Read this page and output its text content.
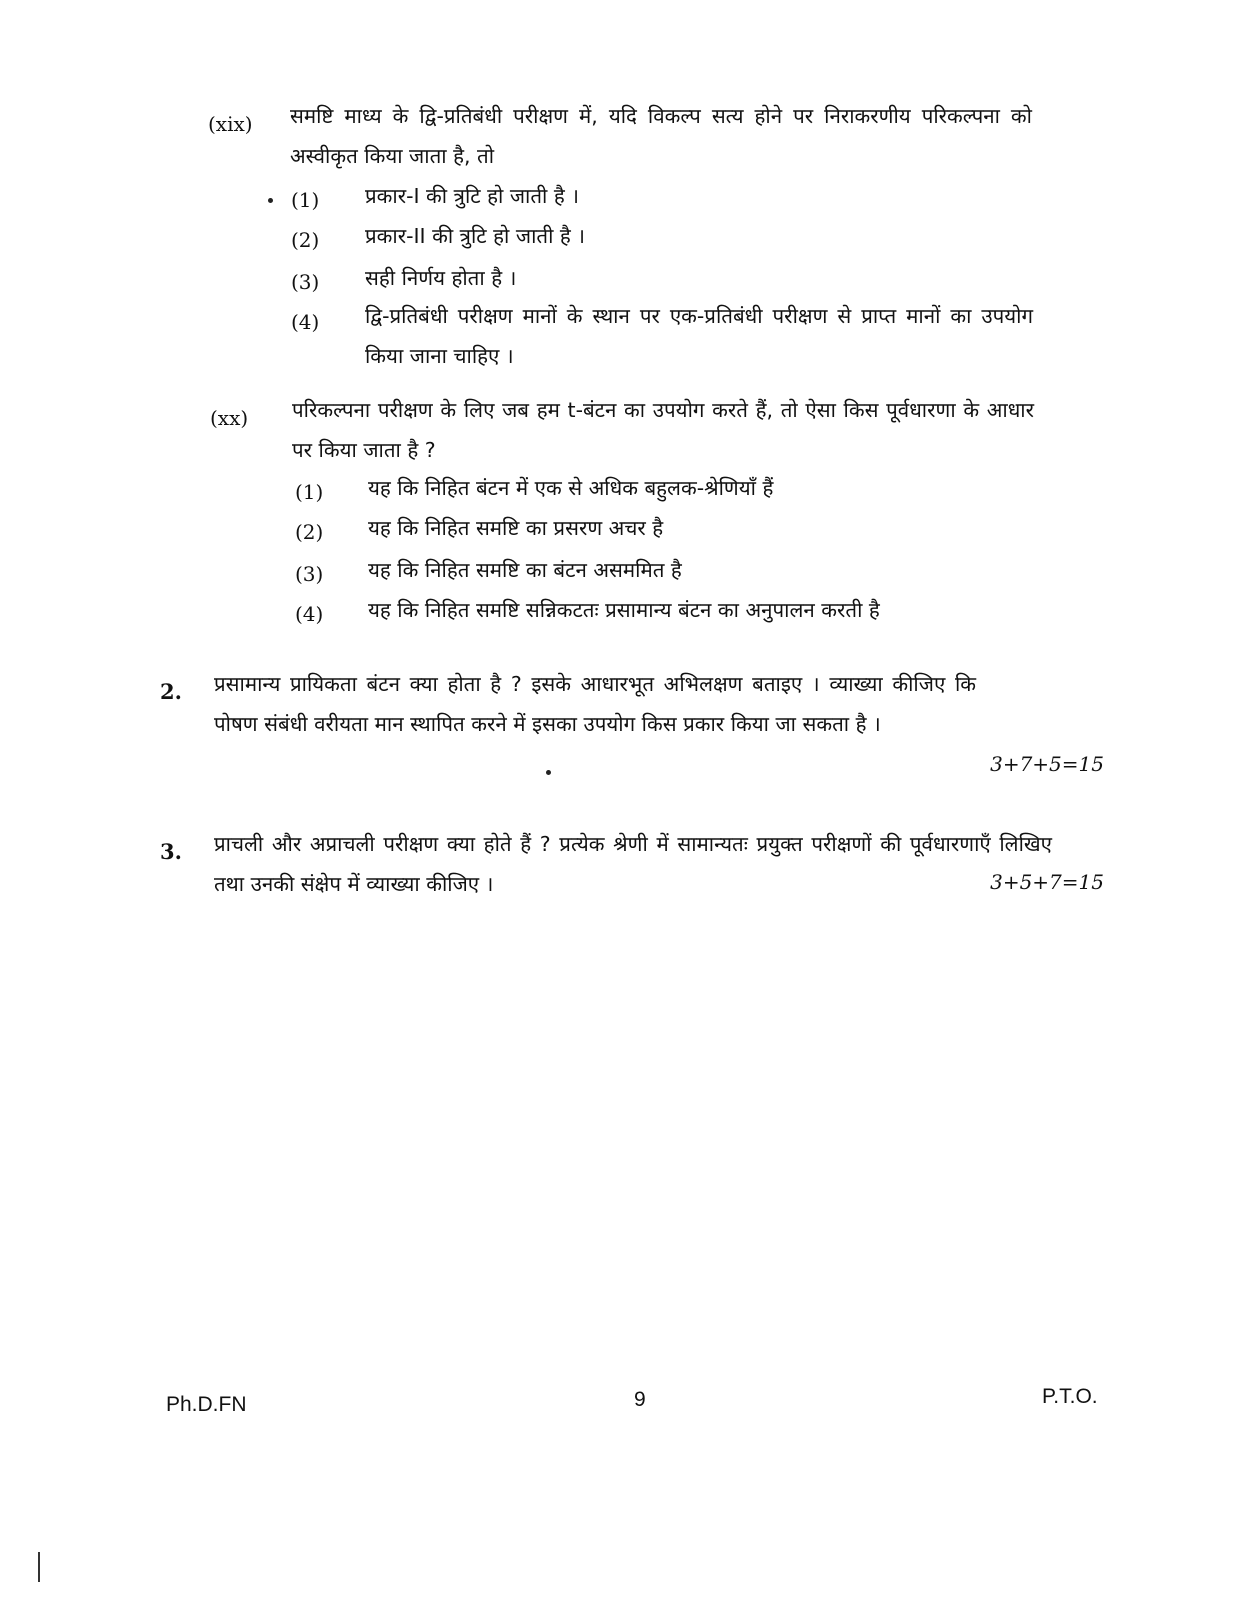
(xix) समष्टि माध्य के द्वि-प्रतिबंधी परीक्षण में, यदि विकल्प सत्य होने पर निराकरणीय परिकल्पना को अस्वीकृत किया जाता है, तो
(1) प्रकार-I की त्रुटि हो जाती है ।
(2) प्रकार-II की त्रुटि हो जाती है ।
(3) सही निर्णय होता है ।
(4) द्वि-प्रतिबंधी परीक्षण मानों के स्थान पर एक-प्रतिबंधी परीक्षण से प्राप्त मानों का उपयोग किया जाना चाहिए ।
(xx) परिकल्पना परीक्षण के लिए जब हम t-बंटन का उपयोग करते हैं, तो ऐसा किस पूर्वधारणा के आधार पर किया जाता है ?
(1) यह कि निहित बंटन में एक से अधिक बहुलक-श्रेणियाँ हैं
(2) यह कि निहित समष्टि का प्रसरण अचर है
(3) यह कि निहित समष्टि का बंटन असममित है
(4) यह कि निहित समष्टि सन्निकटतः प्रसामान्य बंटन का अनुपालन करती है
2. प्रसामान्य प्रायिकता बंटन क्या होता है ? इसके आधारभूत अभिलक्षण बताइए । व्याख्या कीजिए कि पोषण संबंधी वरीयता मान स्थापित करने में इसका उपयोग किस प्रकार किया जा सकता है ।
3+7+5=15
3. प्राचली और अप्राचली परीक्षण क्या होते हैं ? प्रत्येक श्रेणी में सामान्यतः प्रयुक्त परीक्षणों की पूर्वधारणाएँ लिखिए तथा उनकी संक्षेप में व्याख्या कीजिए ।	3+5+7=15
Ph.D.FN	9	P.T.O.
